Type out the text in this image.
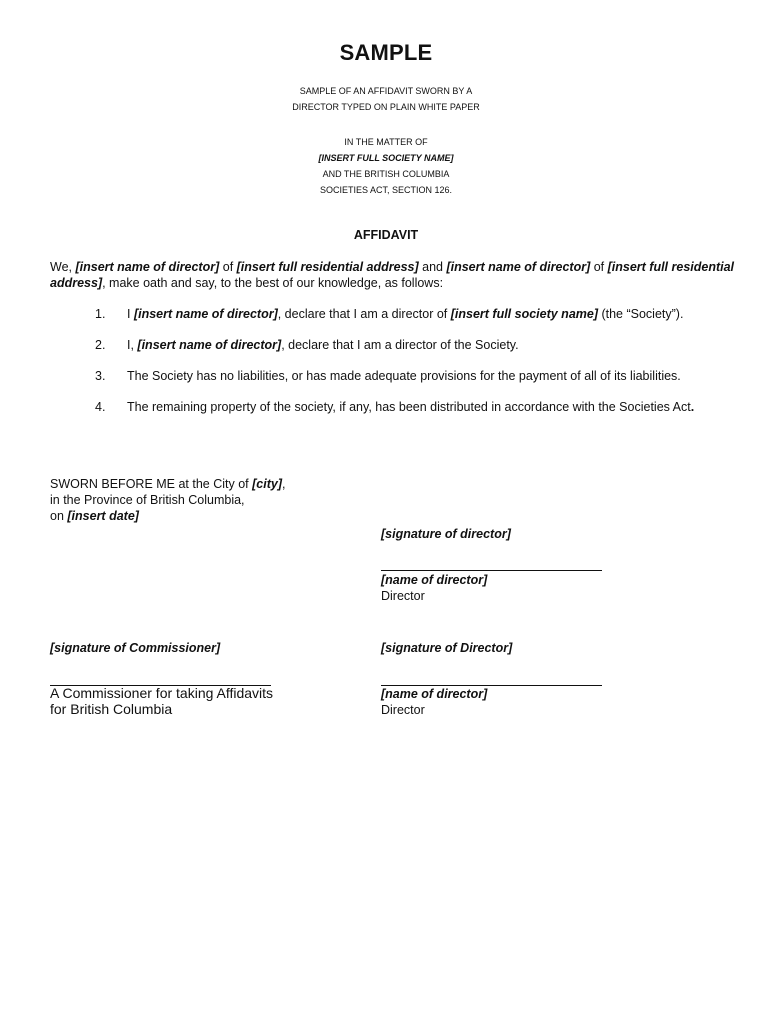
SAMPLE
SAMPLE OF AN AFFIDAVIT SWORN BY A
DIRECTOR TYPED ON PLAIN WHITE PAPER
IN THE MATTER OF
[INSERT FULL SOCIETY NAME]
AND THE BRITISH COLUMBIA
SOCIETIES ACT, SECTION 126.
AFFIDAVIT
We, [insert name of director] of [insert full residential address] and [insert name of director] of [insert full residential address], make oath and say, to the best of our knowledge, as follows:
1. I [insert name of director], declare that I am a director of [insert full society name] (the “Society”).
2. I, [insert name of director], declare that I am a director of the Society.
3. The Society has no liabilities, or has made adequate provisions for the payment of all of its liabilities.
4. The remaining property of the society, if any, has been distributed in accordance with the Societies Act.
SWORN BEFORE ME at the City of [city],
in the Province of British Columbia,
on [insert date]
[signature of director]
[name of director]
Director
[signature of Commissioner]
A Commissioner for taking Affidavits
for British Columbia
[signature of Director]
[name of director]
Director
